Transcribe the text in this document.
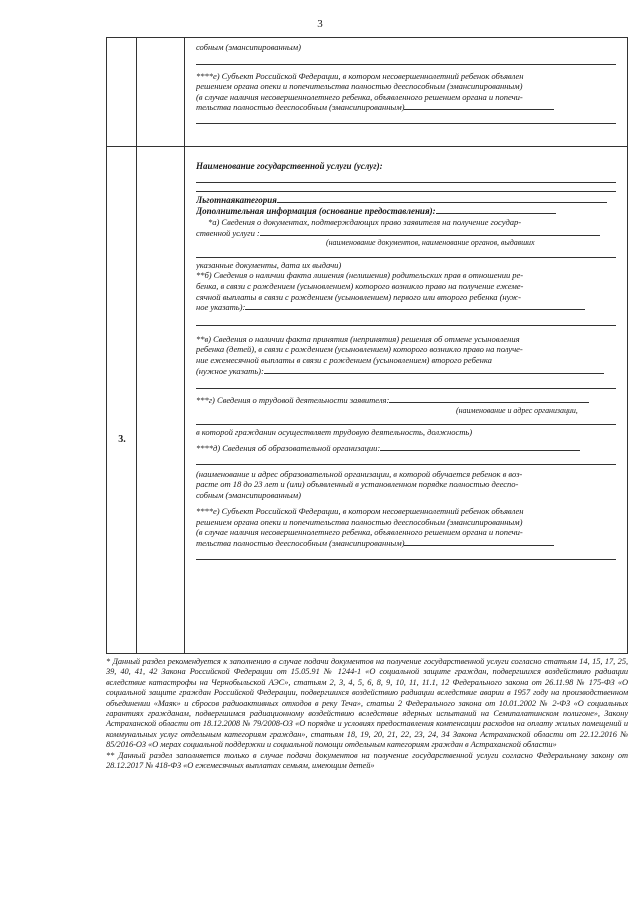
3
3.
собным (эмансипированным)
****е) Субъект Российской Федерации, в котором несовершеннолетний ребенок объявлен
решением органа опеки и попечительства полностью дееспособным (эмансипированным)
(в случае наличия несовершеннолетнего ребенка, объявленного решением органа и попечи-
тельства полностью дееспособным (эмансипированным)
Наименование государственной услуги (услуг):
Льготнаякатегория
Дополнительная информация (основание предоставления):
*а) Сведения о документах, подтверждающих право заявителя на получение государ-
ственной услуги :
(наименование документов, наименование органов, выдавших
указанные документы, дата их выдачи)
**б) Сведения о наличии факта лишения (нелишения) родительских прав в отношении ре-
бенка, в связи с рождением (усыновлением) которого возникло право на получение ежеме-
сячной выплаты в связи с рождением (усыновлением) первого или второго ребенка (нуж-
ное указать):
**в) Сведения о наличии факта принятия (непринятия) решения об отмене усыновления
ребенка (детей), в связи с рождением (усыновлением) которого возникло право на получе-
ние ежемесячной выплаты в связи с рождением (усыновлением) второго ребенка
(нужное указать):
***г) Сведения о трудовой деятельности заявителя:
(наименование и адрес организации,
в которой гражданин осуществляет трудовую деятельность, должность)
****д) Сведения об образовательной организации:
(наименование и адрес образовательной организации, в которой обучается ребенок в воз-
расте от 18 до 23 лет и (или) объявленный в установленном порядке полностью дееспо-
собным (эмансипированным)
****е) Субъект Российской Федерации, в котором несовершеннолетний ребенок объявлен
решением органа опеки и попечительства полностью дееспособным (эмансипированным)
(в случае наличия несовершеннолетнего ребенка, объявленного решением органа и попечи-
тельства полностью дееспособным (эмансипированным)

* Данный раздел рекомендуется к заполнению в случае подачи документов на получение государственной услуги согласно статьям 14, 15, 17, 25, 39, 40, 41, 42 Закона Российской Федерации от 15.05.91 № 1244-1 «О социальной защите граждан, подвергшихся воздействию радиации вследствие катастрофы на Чернобыльской АЭС», статьям 2, 3, 4, 5, 6, 8, 9, 10, 11, 11.1, 12 Федерального закона от 26.11.98 № 175-ФЗ «О социальной защите граждан Российской Федерации, подвергшихся воздействию радиации вследствие аварии в 1957 году на производственном объединении «Маяк» и сбросов радиоактивных отходов в реку Теча», статьи 2 Федерального закона от 10.01.2002 № 2-ФЗ «О социальных гарантиях гражданам, подвергшимся радиационному воздействию вследствие ядерных испытаний на Семипалатинском полигоне», Закону Астраханской области от 18.12.2008 № 79/2008-ОЗ «О порядке и условиях предоставления компенсации расходов на оплату жилых помещений и коммунальных услуг отдельным категориям граждан», статьям 18, 19, 20, 21, 22, 23, 24, 34 Закона Астраханской области от 22.12.2016 № 85/2016-ОЗ «О мерах социальной поддержки и социальной помощи отдельным категориям граждан в Астраханской области»

** Данный раздел заполняется только в случае подачи документов на получение государственной услуги согласно Федеральному закону от 28.12.2017 № 418-ФЗ «О ежемесячных выплатах семьям, имеющим детей»
